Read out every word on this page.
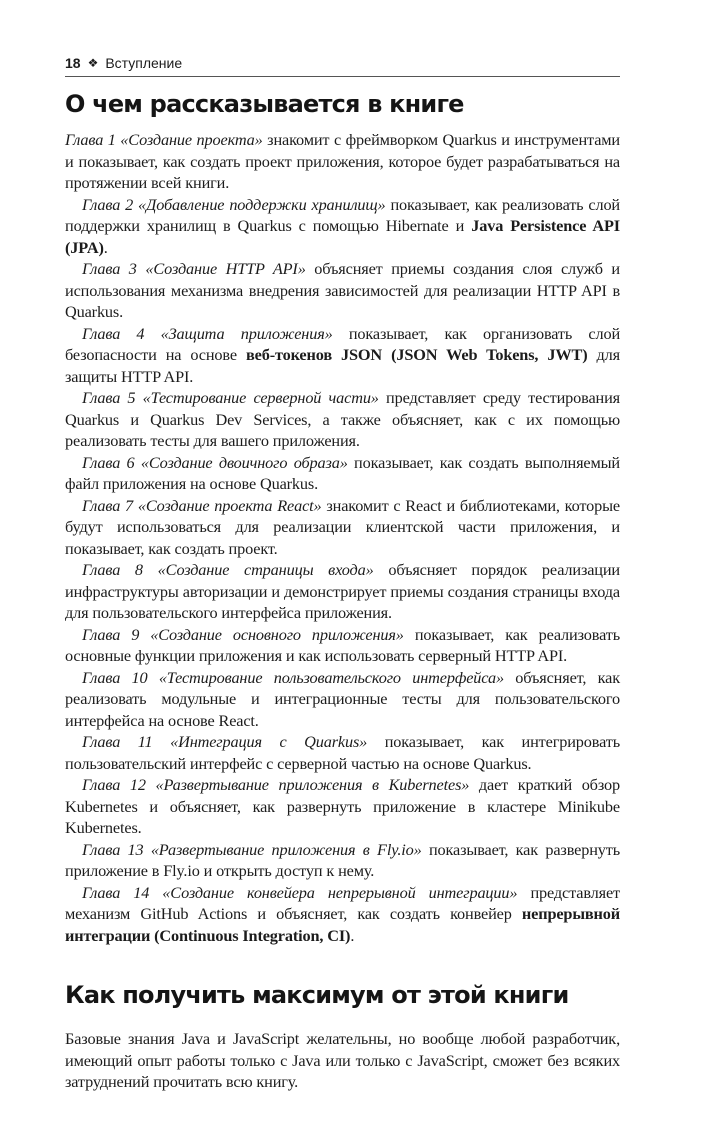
18 ❖ Вступление
О чем рассказывается в книге

Глава 1 «Создание проекта» знакомит с фреймворком Quarkus и инструментами и показывает, как создать проект приложения, которое будет разрабатываться на протяжении всей книги.

Глава 2 «Добавление поддержки хранилищ» показывает, как реализовать слой поддержки хранилищ в Quarkus с помощью Hibernate и Java Persistence API (JPA).

Глава 3 «Создание HTTP API» объясняет приемы создания слоя служб и использования механизма внедрения зависимостей для реализации HTTP API в Quarkus.

Глава 4 «Защита приложения» показывает, как организовать слой безопасности на основе веб-токенов JSON (JSON Web Tokens, JWT) для защиты HTTP API.

Глава 5 «Тестирование серверной части» представляет среду тестирования Quarkus и Quarkus Dev Services, а также объясняет, как с их помощью реализовать тесты для вашего приложения.

Глава 6 «Создание двоичного образа» показывает, как создать выполняемый файл приложения на основе Quarkus.

Глава 7 «Создание проекта React» знакомит с React и библиотеками, которые будут использоваться для реализации клиентской части приложения, и показывает, как создать проект.

Глава 8 «Создание страницы входа» объясняет порядок реализации инфраструктуры авторизации и демонстрирует приемы создания страницы входа для пользовательского интерфейса приложения.

Глава 9 «Создание основного приложения» показывает, как реализовать основные функции приложения и как использовать серверный HTTP API.

Глава 10 «Тестирование пользовательского интерфейса» объясняет, как реализовать модульные и интеграционные тесты для пользовательского интерфейса на основе React.

Глава 11 «Интеграция с Quarkus» показывает, как интегрировать пользовательский интерфейс с серверной частью на основе Quarkus.

Глава 12 «Развертывание приложения в Kubernetes» дает краткий обзор Kubernetes и объясняет, как развернуть приложение в кластере Minikube Kubernetes.

Глава 13 «Развертывание приложения в Fly.io» показывает, как развернуть приложение в Fly.io и открыть доступ к нему.

Глава 14 «Создание конвейера непрерывной интеграции» представляет механизм GitHub Actions и объясняет, как создать конвейер непрерывной интеграции (Continuous Integration, CI).

Как получить максимум от этой книги

Базовые знания Java и JavaScript желательны, но вообще любой разработчик, имеющий опыт работы только с Java или только с JavaScript, сможет без всяких затруднений прочитать всю книгу.
